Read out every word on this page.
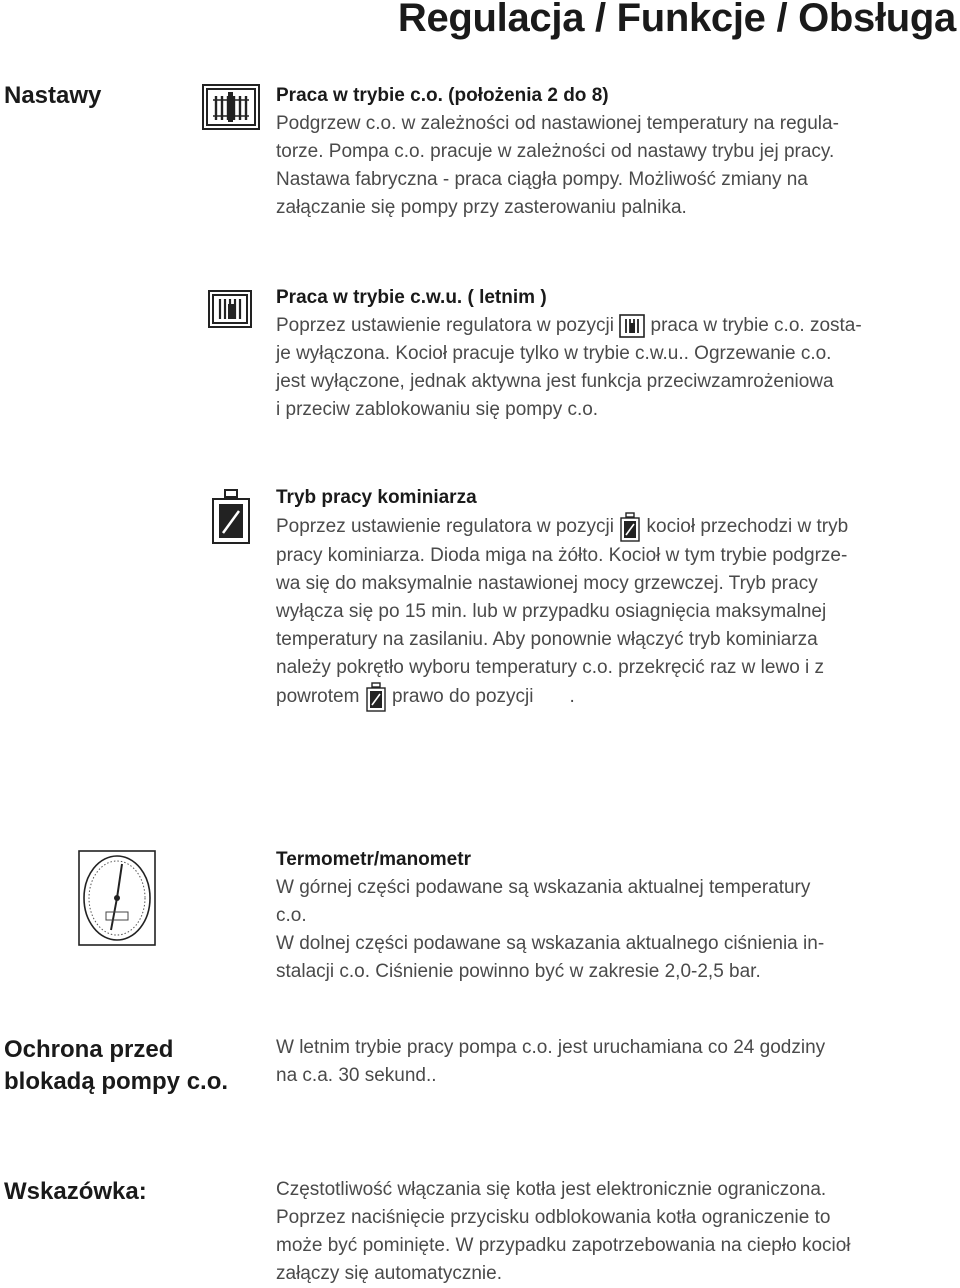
Regulacja / Funkcje / Obsługa
Nastawy
Ochrona przed
blokadą pompy c.o.
Wskazówka:
Praca w trybie c.o. (położenia 2 do 8)
Podgrzew c.o. w zależności od nastawionej temperatury na regula-
torze. Pompa c.o. pracuje w zależności od nastawy trybu jej pracy.
Nastawa fabryczna - praca ciągła pompy. Możliwość zmiany na
załączanie się pompy przy zasterowaniu palnika.
Praca w trybie c.w.u. ( letnim )
Poprzez ustawienie regulatora w pozycji praca w trybie c.o. zosta-
je wyłączona. Kocioł pracuje tylko w trybie c.w.u.. Ogrzewanie c.o.
jest wyłączone, jednak aktywna jest funkcja przeciwzamrożeniowa
i przeciw zablokowaniu się pompy c.o.
Tryb pracy kominiarza
Poprzez ustawienie regulatora w pozycji kocioł przechodzi w tryb
pracy kominiarza. Dioda miga na żółto. Kocioł w tym trybie podgrze-
wa się do maksymalnie nastawionej mocy grzewczej. Tryb pracy
wyłącza się po 15 min. lub w przypadku osiagnięcia maksymalnej
temperatury na zasilaniu. Aby ponownie włączyć tryb kominiarza
należy pokrętło wyboru temperatury c.o. przekręcić raz w lewo i z
powrotem prawo do pozycji .
Termometr/manometr
W górnej części podawane są wskazania aktualnej temperatury
c.o.
W dolnej części podawane są wskazania aktualnego ciśnienia in-
stalacji c.o. Ciśnienie powinno być w zakresie 2,0-2,5 bar.
W letnim trybie pracy pompa c.o. jest uruchamiana co 24 godziny
na c.a. 30 sekund..
Częstotliwość włączania się kotła jest elektronicznie ograniczona.
Poprzez naciśnięcie przycisku odblokowania kotła ograniczenie to
może być pominięte. W przypadku zapotrzebowania na ciepło kocioł
załączy się automatycznie.
